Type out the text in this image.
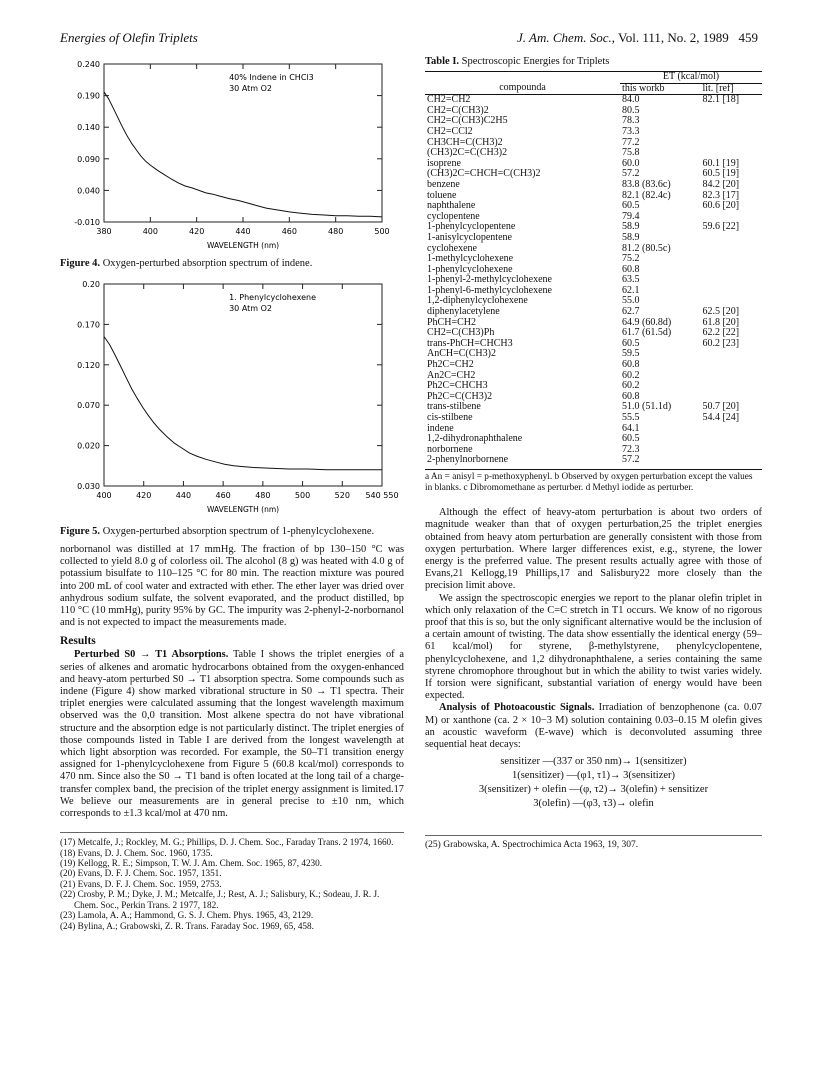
Energies of Olefin Triplets	J. Am. Chem. Soc., Vol. 111, No. 2, 1989 459
380	400	420	440	460	480	500
0.240
0.190
0.140
0.090
0.040
-0.010
WAVELENGTH (nm)
40% Indene in CHCl3
30 Atm O2
Figure 4. Oxygen-perturbed absorption spectrum of indene.
400	420	440	460	480	500	520 540 550
0.20
0.170
0.120
0.070
0.020
0.030
WAVELENGTH (nm)
1. Phenylcyclohexene
30 Atm O2
Figure 5. Oxygen-perturbed absorption spectrum of 1-phenylcyclohexene.

norbornanol was distilled at 17 mmHg. The fraction of bp 130–150 °C was collected to yield 8.0 g of colorless oil. The alcohol (8 g) was heated with 4.0 g of potassium bisulfate to 110–125 °C for 80 min. The reaction mixture was poured into 200 mL of cool water and extracted with ether. The ether layer was dried over anhydrous sodium sulfate, the solvent evaporated, and the product distilled, bp 110 °C (10 mmHg), purity 95% by GC. The impurity was 2-phenyl-2-norbornanol and is not expected to impact the measurements made.

Results

Perturbed S0 → T1 Absorptions. Table I shows the triplet energies of a series of alkenes and aromatic hydrocarbons obtained from the oxygen-enhanced and heavy-atom perturbed S0 → T1 absorption spectra. Some compounds such as indene (Figure 4) show marked vibrational structure in S0 → T1 spectra. Their triplet energies were calculated assuming that the longest wavelength maximum observed was the 0,0 transition. Most alkene spectra do not have vibrational structure and the absorption edge is not particularly distinct. The triplet energies of those compounds listed in Table I are derived from the longest wavelength at which light absorption was recorded. For example, the S0–T1 transition energy assigned for 1-phenylcyclohexene from Figure 5 (60.8 kcal/mol) corresponds to 470 nm. Since also the S0 → T1 band is often located at the long tail of a charge-transfer complex band, the precision of the triplet energy assignment is limited.17 We believe our measurements are in general precise to ±10 nm, which corresponds to ±1.3 kcal/mol at 470 nm.

(17) Metcalfe, J.; Rockley, M. G.; Phillips, D. J. Chem. Soc., Faraday Trans. 2 1974, 1660.
(18) Evans, D. J. Chem. Soc. 1960, 1735.
(19) Kellogg, R. E.; Simpson, T. W. J. Am. Chem. Soc. 1965, 87, 4230.
(20) Evans, D. F. J. Chem. Soc. 1957, 1351.
(21) Evans, D. F. J. Chem. Soc. 1959, 2753.
(22) Crosby, P. M.; Dyke, J. M.; Metcalfe, J.; Rest, A. J.; Salisbury, K.; Sodeau, J. R. J. Chem. Soc., Perkin Trans. 2 1977, 182.
(23) Lamola, A. A.; Hammond, G. S. J. Chem. Phys. 1965, 43, 2129.
(24) Bylina, A.; Grabowski, Z. R. Trans. Faraday Soc. 1969, 65, 458.
Table I. Spectroscopic Energies for Triplets
	ET (kcal/mol)	
compounda	this workb	lit. [ref]
CH2=CH2	84.0	82.1 [18]
CH2=C(CH3)2	80.5	
CH2=C(CH3)C2H5	78.3	
CH2=CCl2	73.3	
CH3CH=C(CH3)2	77.2	
(CH3)2C=C(CH3)2	75.8	
isoprene	60.0	60.1 [19]
(CH3)2C=CHCH=C(CH3)2	57.2	60.5 [19]
benzene	83.8 (83.6c)	84.2 [20]
toluene	82.1 (82.4c)	82.3 [17]
naphthalene	60.5	60.6 [20]
cyclopentene	79.4	
1-phenylcyclopentene	58.9	59.6 [22]
1-anisylcyclopentene	58.9	
cyclohexene	81.2 (80.5c)	
1-methylcyclohexene	75.2	
1-phenylcyclohexene	60.8	
1-phenyl-2-methylcyclohexene	63.5	
1-phenyl-6-methylcyclohexene	62.1	
1,2-diphenylcyclohexene	55.0	
diphenylacetylene	62.7	62.5 [20]
PhCH=CH2	64.9 (60.8d)	61.8 [20]
CH2=C(CH3)Ph	61.7 (61.5d)	62.2 [22]
trans-PhCH=CHCH3	60.5	60.2 [23]
AnCH=C(CH3)2	59.5	
Ph2C=CH2	60.8	
An2C=CH2	60.2	
Ph2C=CHCH3	60.2	
Ph2C=C(CH3)2	60.8	
trans-stilbene	51.0 (51.1d)	50.7 [20]
cis-stilbene	55.5	54.4 [24]
indene	64.1	
1,2-dihydronaphthalene	60.5	
norbornene	72.3	
2-phenylnorbornene	57.2	
a An = anisyl = p-methoxyphenyl. b Observed by oxygen perturbation except the values in blanks. c Dibromomethane as perturber. d Methyl iodide as perturber.

Although the effect of heavy-atom perturbation is about two orders of magnitude weaker than that of oxygen perturbation,25 the triplet energies obtained from heavy atom perturbation are generally consistent with those from oxygen perturbation. Where larger differences exist, e.g., styrene, the lower energy is the preferred value. The present results actually agree with those of Evans,21 Kellogg,19 Phillips,17 and Salisbury22 more closely than the precision limit above.

We assign the spectroscopic energies we report to the planar olefin triplet in which only relaxation of the C=C stretch in T1 occurs. We know of no rigorous proof that this is so, but the only significant alternative would be the inclusion of a certain amount of twisting. The data show essentially the identical energy (59–61 kcal/mol) for styrene, β-methylstyrene, phenylcyclopentene, phenylcyclohexene, and 1,2 dihydronaphthalene, a series containing the same styrene chromophore throughout but in which the ability to twist varies widely. If torsion were significant, substantial variation of energy would have been expected.

Analysis of Photoacoustic Signals. Irradiation of benzophenone (ca. 0.07 M) or xanthone (ca. 2 × 10−3 M) solution containing 0.03–0.15 M olefin gives an acoustic waveform (E-wave) which is deconvoluted assuming three sequential heat decays:

sensitizer —(337 or 350 nm)→ 1(sensitizer)
1(sensitizer) —(φ1, τ1)→ 3(sensitizer)
3(sensitizer) + olefin —(φ, τ2)→ 3(olefin) + sensitizer
3(olefin) —(φ3, τ3)→ olefin
(25) Grabowska, A. Spectrochimica Acta 1963, 19, 307.
